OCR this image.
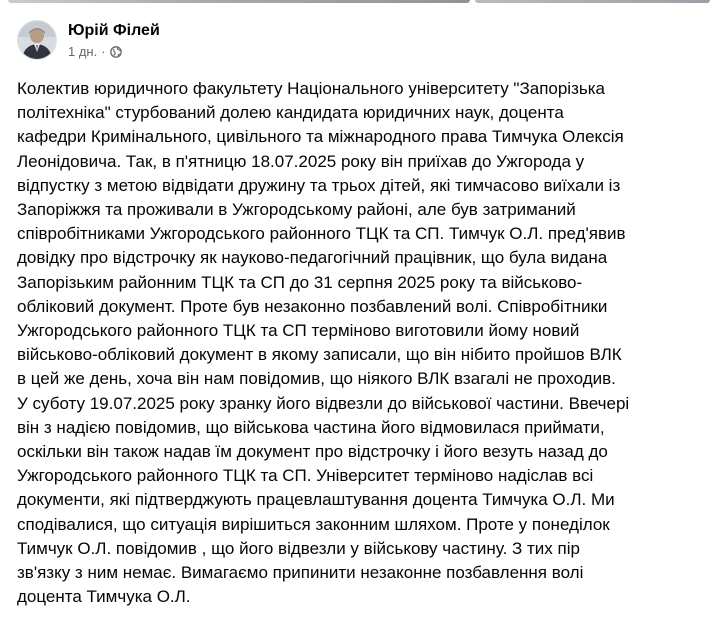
Юрій Філей
1 дн. ·

Колектив юридичного факультету Національного університету "Запорізька
політехніка" стурбований долею кандидата юридичних наук, доцента
кафедри Кримінального, цивільного та міжнародного права Тимчука Олексія
Леонідовича. Так, в п'ятницю 18.07.2025 року він приїхав до Ужгорода у
відпустку з метою відвідати дружину та трьох дітей, які тимчасово виїхали із
Запоріжжя та проживали в Ужгородському районі, але був затриманий
співробітниками Ужгородського районного ТЦК та СП. Тимчук О.Л. пред'явив
довідку про відстрочку як науково-педагогічний працівник, що була видана
Запорізьким районним ТЦК та СП до 31 серпня 2025 року та військово-
обліковий документ. Проте був незаконно позбавлений волі. Співробітники
Ужгородського районного ТЦК та СП терміново виготовили йому новий
військово-обліковий документ в якому записали, що він нібито пройшов ВЛК
в цей же день, хоча він нам повідомив, що ніякого ВЛК взагалі не проходив.
У суботу 19.07.2025 року зранку його відвезли до військової частини. Ввечері
він з надією повідомив, що військова частина його відмовилася приймати,
оскільки він також надав їм документ про відстрочку і його везуть назад до
Ужгородського районного ТЦК та СП. Університет терміново надіслав всі
документи, які підтверджують працевлаштування доцента Тимчука О.Л. Ми
сподівалися, що ситуація вирішиться законним шляхом. Проте у понеділок
Тимчук О.Л. повідомив , що його відвезли у військову частину. З тих пір
зв'язку з ним немає. Вимагаємо припинити незаконне позбавлення волі
доцента Тимчука О.Л.
